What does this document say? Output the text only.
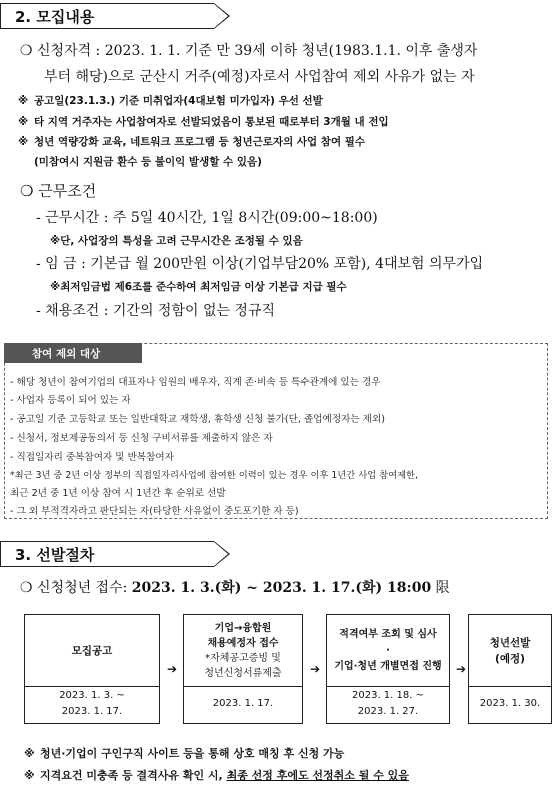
2. 모집내용
❍ 신청자격 : 2023. 1. 1. 기준 만 39세 이하 청년(1983.1.1. 이후 출생자
부터 해당)으로 군산시 거주(예정)자로서 사업참여 제외 사유가 없는 자
※ 공고일(23.1.3.) 기준 미취업자(4대보험 미가입자) 우선 선발
※ 타 지역 거주자는 사업참여자로 선발되었음이 통보된 때로부터 3개월 내 전입
※ 청년 역량강화 교육, 네트워크 프로그램 등 청년근로자의 사업 참여 필수
(미참여시 지원금 환수 등 불이익 발생할 수 있음)
❍ 근무조건
- 근무시간 : 주 5일 40시간, 1일 8시간(09:00~18:00)
※단, 사업장의 특성을 고려 근무시간은 조정될 수 있음
- 임 금 : 기본급 월 200만원 이상(기업부담20% 포함), 4대보험 의무가입
※최저임금법 제6조를 준수하여 최저임금 이상 기본급 지급 필수
- 채용조건 : 기간의 정함이 없는 정규직
참여 제외 대상
- 해당 청년이 참여기업의 대표자나 임원의 배우자, 직계 존·비속 등 특수관계에 있는 경우
- 사업자 등록이 되어 있는 자
- 공고일 기준 고등학교 또는 일반대학교 재학생, 휴학생 신청 불가(단, 졸업예정자는 제외)
- 신청서, 정보제공동의서 등 신청 구비서류를 제출하지 않은 자
- 직접일자리 중복참여자 및 반복참여자
*최근 3년 중 2년 이상 정부의 직접일자리사업에 참여한 이력이 있는 경우 이후 1년간 사업 참여제한,
최근 2년 중 1년 이상 참여 시 1년간 후 순위로 선발
- 그 외 부적격자라고 판단되는 자(타당한 사유없이 중도포기한 자 등)
3. 선발절차
❍ 신청청년 접수: 2023. 1. 3.(화) ~ 2023. 1. 17.(화) 18:00 限
모집공고
2023. 1. 3. ~
2023. 1. 17.
➔
기업→융합원
채용예정자 접수
*자체공고증빙 및
청년신청서류제출
2023. 1. 17.
➔
적격여부 조회 및 심사
·
기업·청년 개별면접 진행
2023. 1. 18. ~
2023. 1. 27.
➔
청년선발
(예정)
2023. 1. 30.
※ 청년·기업이 구인구직 사이트 등을 통해 상호 매칭 후 신청 가능
※ 지격요건 미충족 등 결격사유 확인 시, 최종 선정 후에도 선정취소 될 수 있음
